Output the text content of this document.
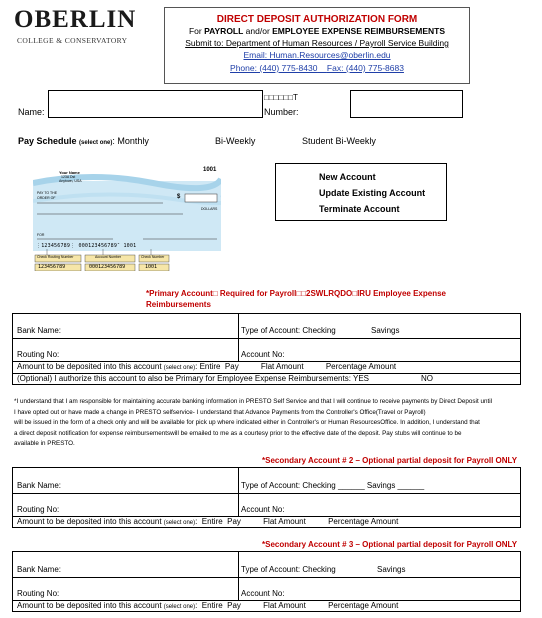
OBERLIN
COLLEGE & CONSERVATORY
DIRECT DEPOSIT AUTHORIZATION FORM
For PAYROLL and/or EMPLOYEE EXPENSE REIMBURSEMENTS
Submit to: Department of Human Resources / Payroll Service Building
Email: Human.Resources@oberlin.edu
Phone: (440) 775-8430 Fax: (440) 775-8683
Name:
□□□□□□T
Number:
Pay Schedule (select one): Monthly	Bi-Weekly	Student Bi-Weekly
Your Name
123A Dst
Anytown, USA
1001
PAY TO THE
ORDER OF	$
DOLLARS
FOR
⋮123456789⋮ 000123456789″ 1001
Check Routing Number	Account Number	Check Number
123456789	000123456789	1001
New Account
Update Existing Account
Terminate Account
*Primary Account□ Required for Payroll□□2SWLRQDO□IRU Employee Expense
Reimbursements
Bank Name:	Type of Account: Checking	Savings
Routing No:	Account No:
Amount to be deposited into this account (select one): Entire  Pay          Flat Amount          Percentage Amount
(Optional) I authorize this account to also be Primary for Employee Expense Reimbursements: YES	NO
*I understand that I am responsible for maintaining accurate banking information in PRESTO Self Service and that I will continue to receive payments by Direct Deposit until
I have opted out or have made a change in PRESTO selfservice- I understand that Advance Payments from the Controller's Office(Travel or Payroll)
will be issued in the form of a check only and will be available for pick up where indicated either in Controller's or Human ResourcesOffice. In addition, I understand that
a direct deposit notification for expense reimbursementswill be emailed to me as a courtesy prior to the effective date of the deposit. Pay stubs will continue to be
available in PRESTO.
*Secondary Account # 2 – Optional partial deposit for Payroll ONLY
Bank Name:	Type of Account: Checking ______ Savings ______
Routing No:	Account No:
Amount to be deposited into this account (select one):  Entire  Pay          Flat Amount          Percentage Amount
*Secondary Account # 3 – Optional partial deposit for Payroll ONLY
Bank Name:	Type of Account: Checking	Savings
Routing No:	Account No:
Amount to be deposited into this account (select one):  Entire  Pay          Flat Amount          Percentage Amount
